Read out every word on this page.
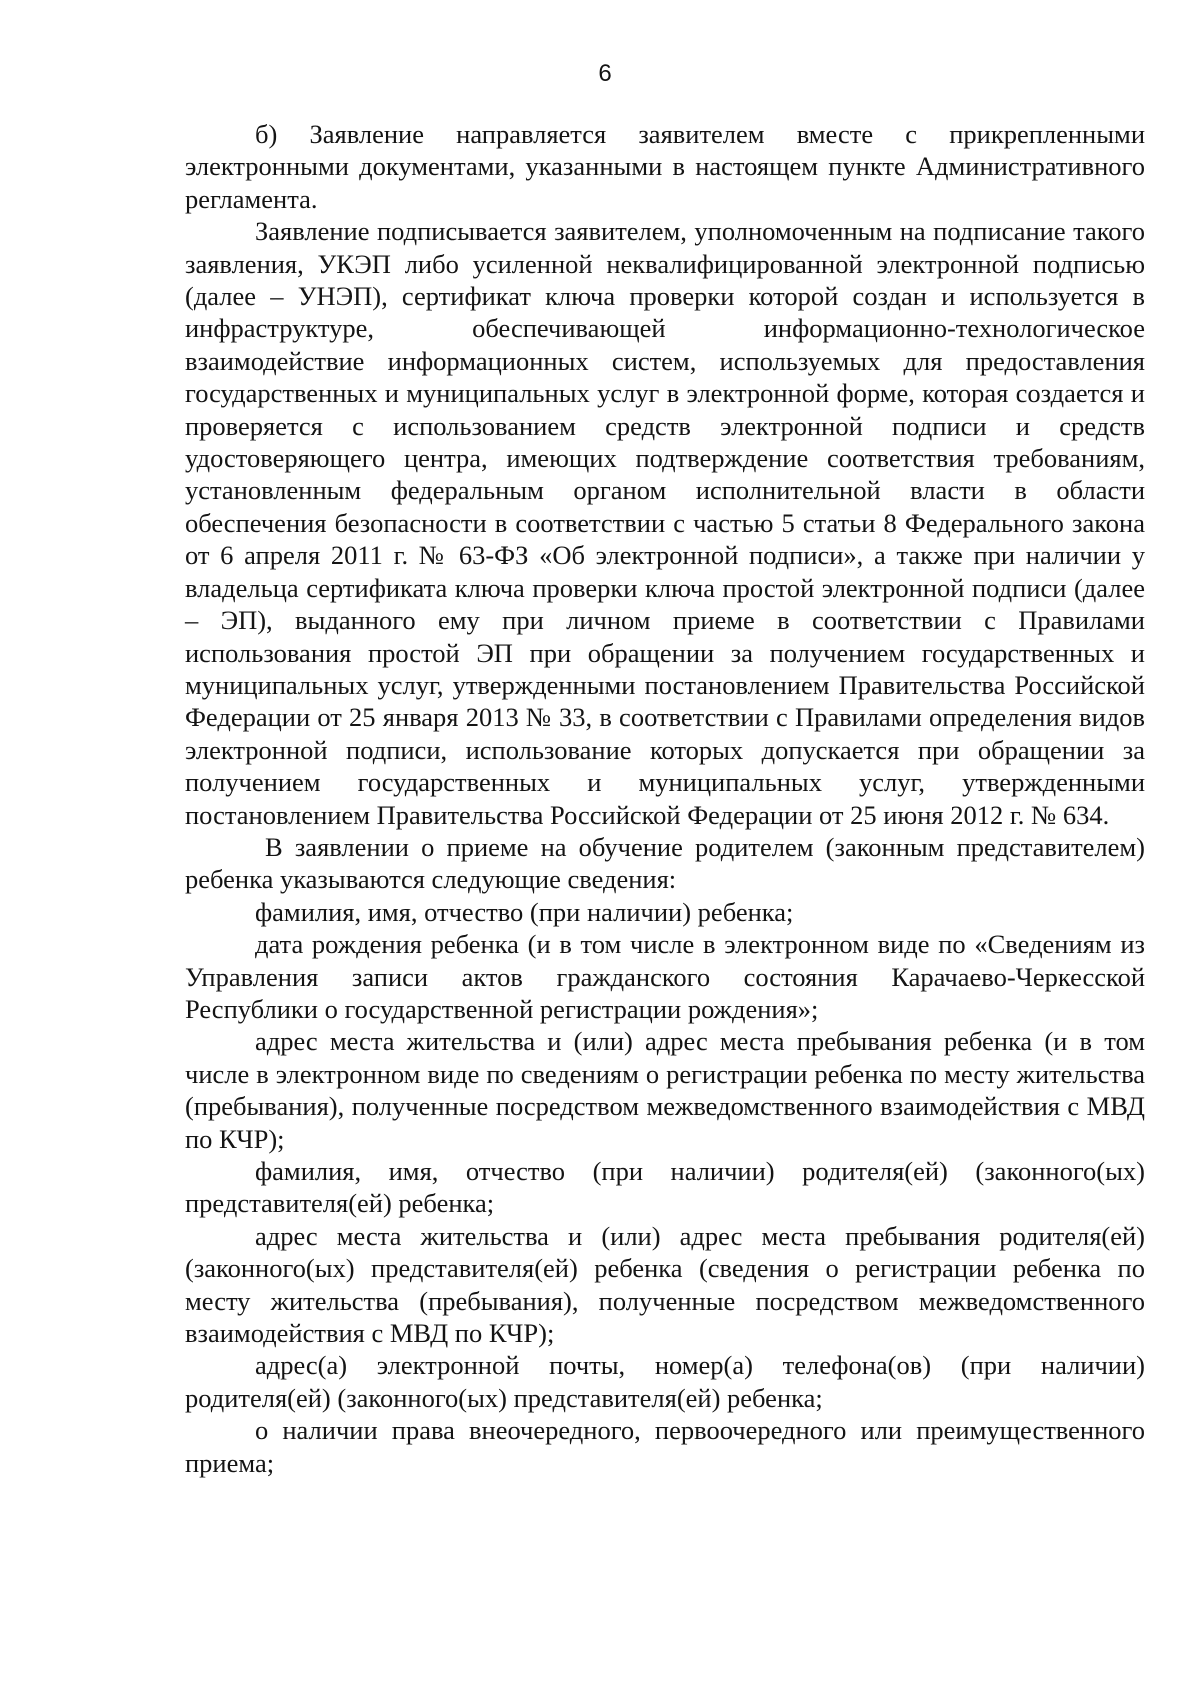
6

б) Заявление направляется заявителем вместе с прикрепленными электронными документами, указанными в настоящем пункте Административного регламента.

Заявление подписывается заявителем, уполномоченным на подписание такого заявления, УКЭП либо усиленной неквалифицированной электронной подписью (далее – УНЭП), сертификат ключа проверки которой создан и используется в инфраструктуре, обеспечивающей информационно-технологическое взаимодействие информационных систем, используемых для предоставления государственных и муниципальных услуг в электронной форме, которая создается и проверяется с использованием средств электронной подписи и средств удостоверяющего центра, имеющих подтверждение соответствия требованиям, установленным федеральным органом исполнительной власти в области обеспечения безопасности в соответствии с частью 5 статьи 8 Федерального закона от 6 апреля 2011 г. № 63-ФЗ «Об электронной подписи», а также при наличии у владельца сертификата ключа проверки ключа простой электронной подписи (далее – ЭП), выданного ему при личном приеме в соответствии с Правилами использования простой ЭП при обращении за получением государственных и муниципальных услуг, утвержденными постановлением Правительства Российской Федерации от 25 января 2013 № 33, в соответствии с Правилами определения видов электронной подписи, использование которых допускается при обращении за получением государственных и муниципальных услуг, утвержденными постановлением Правительства Российской Федерации от 25 июня 2012 г. № 634.

В заявлении о приеме на обучение родителем (законным представителем) ребенка указываются следующие сведения:

фамилия, имя, отчество (при наличии) ребенка;

дата рождения ребенка (и в том числе в электронном виде по «Сведениям из Управления записи актов гражданского состояния Карачаево-Черкесской Республики о государственной регистрации рождения»;

адрес места жительства и (или) адрес места пребывания ребенка (и в том числе в электронном виде по сведениям о регистрации ребенка по месту жительства (пребывания), полученные посредством межведомственного взаимодействия с МВД по КЧР);

фамилия, имя, отчество (при наличии) родителя(ей) (законного(ых) представителя(ей) ребенка;

адрес места жительства и (или) адрес места пребывания родителя(ей) (законного(ых) представителя(ей) ребенка (сведения о регистрации ребенка по месту жительства (пребывания), полученные посредством межведомственного взаимодействия с МВД по КЧР);

адрес(а) электронной почты, номер(а) телефона(ов) (при наличии) родителя(ей) (законного(ых) представителя(ей) ребенка;

о наличии права внеочередного, первоочередного или преимущественного приема;
